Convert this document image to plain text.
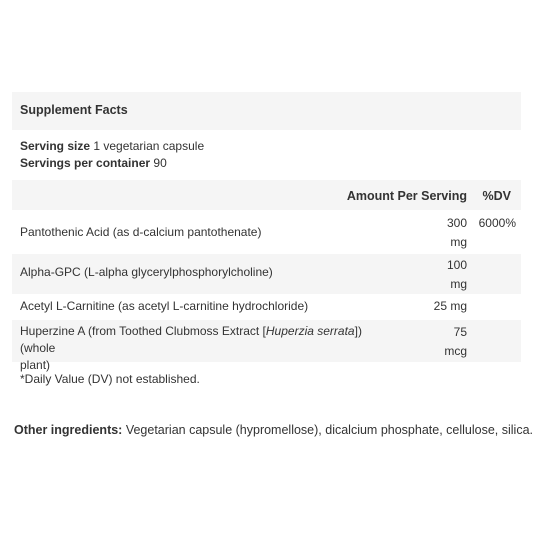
Supplement Facts
Serving size 1 vegetarian capsule
Servings per container 90
Amount Per Serving %DV
Pantothenic Acid (as d-calcium pantothenate)
300
mg
6000%
Alpha-GPC (L-alpha glycerylphosphorylcholine)	100
mg
Acetyl L-Carnitine (as acetyl L-carnitine hydrochloride)	25 mg
Huperzine A (from Toothed Clubmoss Extract [Huperzia serrata]) (whole
plant)
75
mcg
*Daily Value (DV) not established.
Other ingredients: Vegetarian capsule (hypromellose), dicalcium phosphate, cellulose, silica.
